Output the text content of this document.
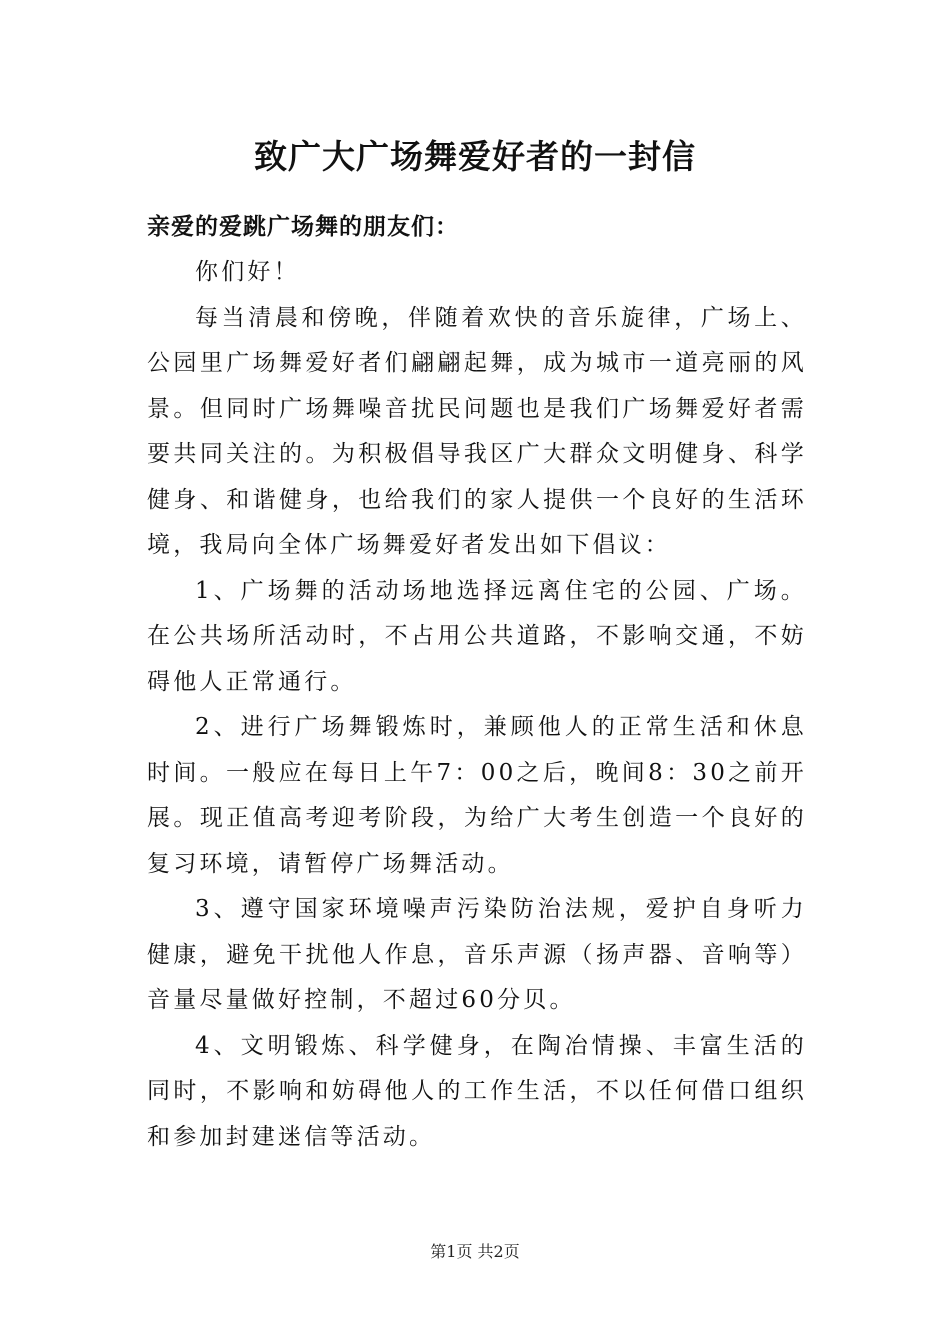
致广大广场舞爱好者的一封信

亲爱的爱跳广场舞的朋友们：

你们好！

每当清晨和傍晚，伴随着欢快的音乐旋律，广场上、公园里广场舞爱好者们翩翩起舞，成为城市一道亮丽的风景。但同时广场舞噪音扰民问题也是我们广场舞爱好者需要共同关注的。为积极倡导我区广大群众文明健身、科学健身、和谐健身，也给我们的家人提供一个良好的生活环境，我局向全体广场舞爱好者发出如下倡议：

1、广场舞的活动场地选择远离住宅的公园、广场。在公共场所活动时，不占用公共道路，不影响交通，不妨碍他人正常通行。

2、进行广场舞锻炼时，兼顾他人的正常生活和休息时间。一般应在每日上午7：00之后，晚间8：30之前开展。现正值高考迎考阶段，为给广大考生创造一个良好的复习环境，请暂停广场舞活动。

3、遵守国家环境噪声污染防治法规，爱护自身听力健康，避免干扰他人作息，音乐声源（扬声器、音响等）音量尽量做好控制，不超过60分贝。

4、文明锻炼、科学健身，在陶冶情操、丰富生活的同时，不影响和妨碍他人的工作生活，不以任何借口组织和参加封建迷信等活动。

第1页 共2页
